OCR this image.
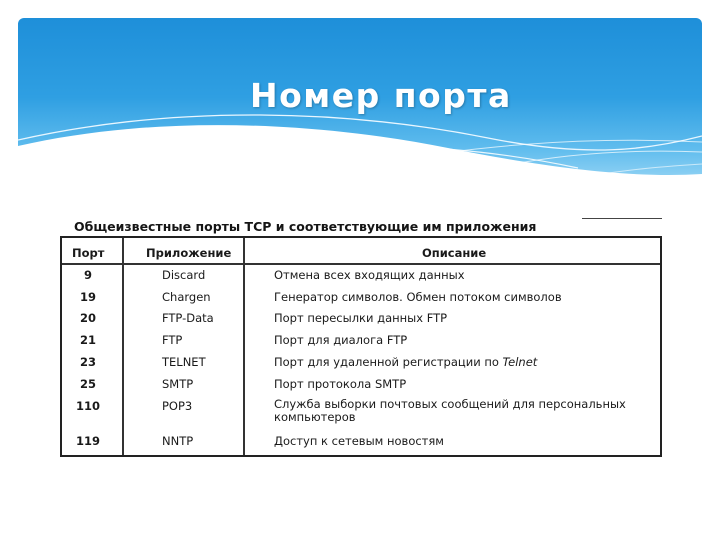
Номер порта
Общеизвестные порты TCP и соответствующие им приложения
Порт	Приложение	Описание
9	Discard	Отмена всех входящих данных
19	Chargen	Генератор символов. Обмен потоком символов
20	FTP-Data	Порт пересылки данных FTP
21	FTP	Порт для диалога FTP
23	TELNET	Порт для удаленной регистрации по Telnet
25	SMTP	Порт протокола SMTP
110	POP3	Служба выборки почтовых сообщений для персональных
компьютеров
119	NNTP	Доступ к сетевым новостям
